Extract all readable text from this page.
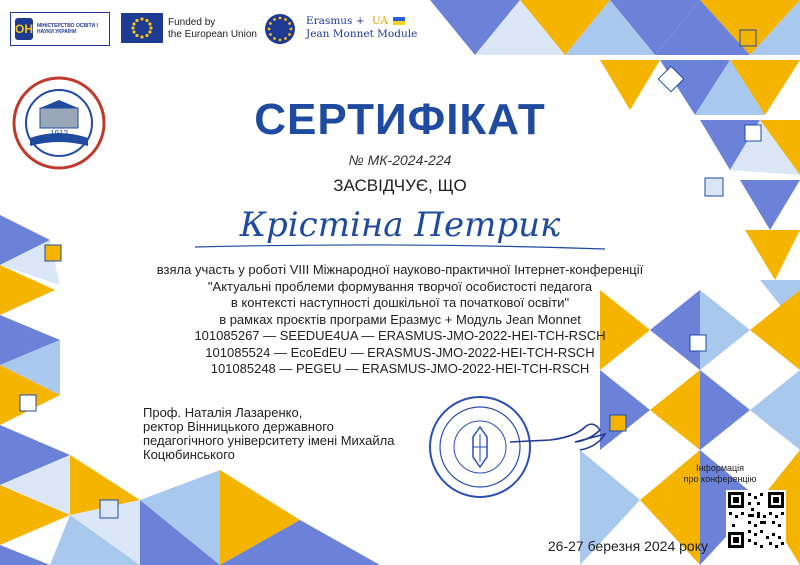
ОН МІНІСТЕРСТВО ОСВІТИ І НАУКИ УКРАЇНИ
Funded by
the European Union
Erasmus + UA
Jean Monnet Module
1912	СЕРТИФІКАТ
№ МК-2024-224
ЗАСВІДЧУЄ, ЩО
Крістіна Петрик
взяла участь у роботі VIII Міжнародної науково-практичної Інтернет-конференції
"Актуальні проблеми формування творчої особистості педагога
в контексті наступності дошкільної та початкової освіти"
в рамках проєктів програми Еразмус + Модуль Jean Monnet
101085267 — SEEDUE4UA — ERASMUS-JMO-2022-HEI-TCH-RSCH
101085524 — EcoEdEU — ERASMUS-JMO-2022-HEI-TCH-RSCH
101085248 — PEGEU — ERASMUS-JMO-2022-HEI-TCH-RSCH
Проф. Наталія Лазаренко,
ректор Вінницького державного
педагогічного університету імені Михайла
Коцюбинського
Інформація
про конференцію
26-27 березня 2024 року
